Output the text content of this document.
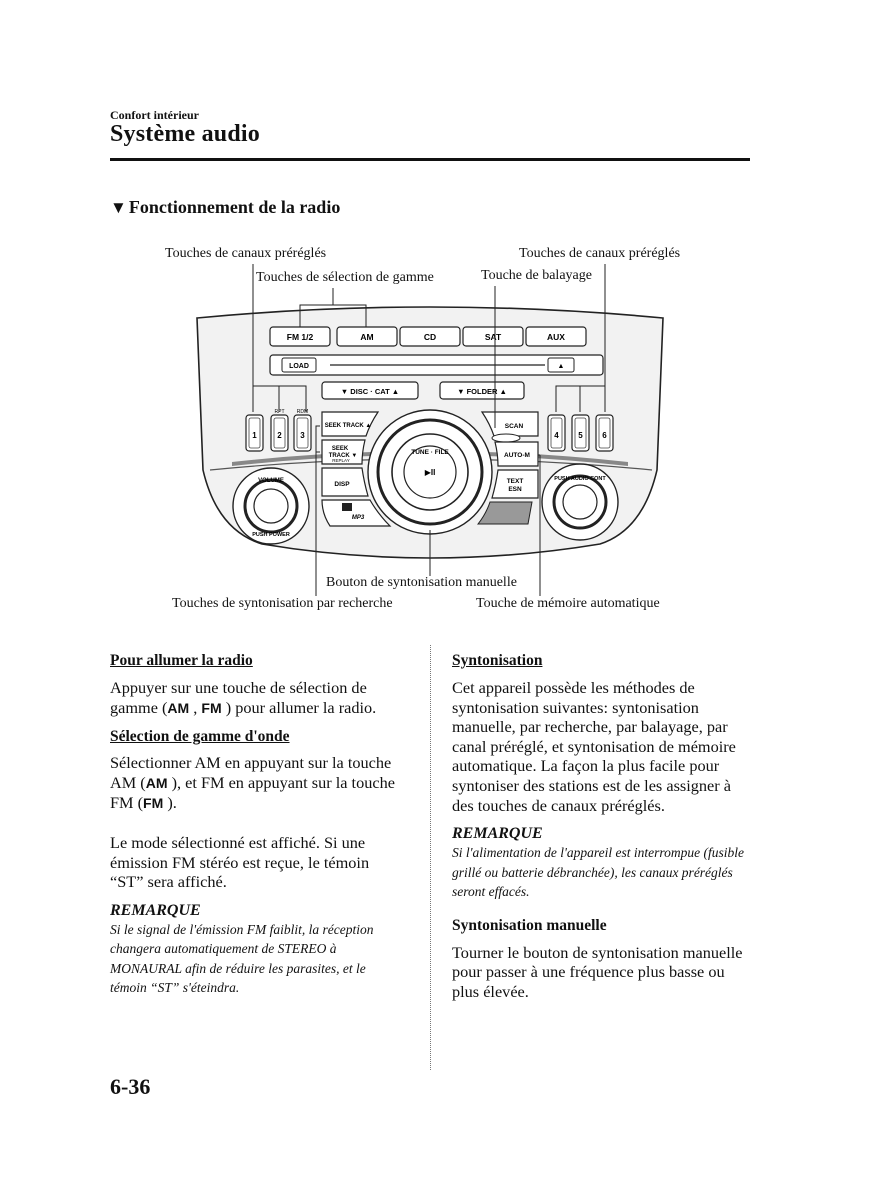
Confort intérieur
Système audio
▼ Fonctionnement de la radio
Touches de canaux préréglés
Touches de sélection de gamme
Touches de canaux préréglés
Touche de balayage
Bouton de syntonisation manuelle
Touches de syntonisation par recherche	Touche de mémoire automatique
FM 1/2	AM	CD	SAT	AUX
LOAD	▲
▼ DISC · CAT ▲	▼ FOLDER ▲
1	2 3
RPT RDM
4 5 6
SEEK TRACK ▲
SEEK
TRACK ▼
REPLAY
DISP
MP3
SCAN
AUTO-M
TEXT
ESN
TUNE · FILE
▶II
VOLUME
PUSH POWER
PUSH AUDIO CONT

Pour allumer la radio

Appuyer sur une touche de sélection de gamme (AM , FM ) pour allumer la radio.

Sélection de gamme d'onde

Sélectionner AM en appuyant sur la touche AM (AM ), et FM en appuyant sur la touche FM (FM ).

Le mode sélectionné est affiché. Si une émission FM stéréo est reçue, le témoin “ST” sera affiché.

REMARQUE

Si le signal de l'émission FM faiblit, la réception changera automatiquement de STEREO à MONAURAL afin de réduire les parasites, et le témoin “ST” s'éteindra.

Syntonisation

Cet appareil possède les méthodes de syntonisation suivantes: syntonisation manuelle, par recherche, par balayage, par canal préréglé, et syntonisation de mémoire automatique. La façon la plus facile pour syntoniser des stations est de les assigner à des touches de canaux préréglés.

REMARQUE

Si l'alimentation de l'appareil est interrompue (fusible grillé ou batterie débranchée), les canaux préréglés seront effacés.

Syntonisation manuelle

Tourner le bouton de syntonisation manuelle pour passer à une fréquence plus basse ou plus élevée.

6-36
